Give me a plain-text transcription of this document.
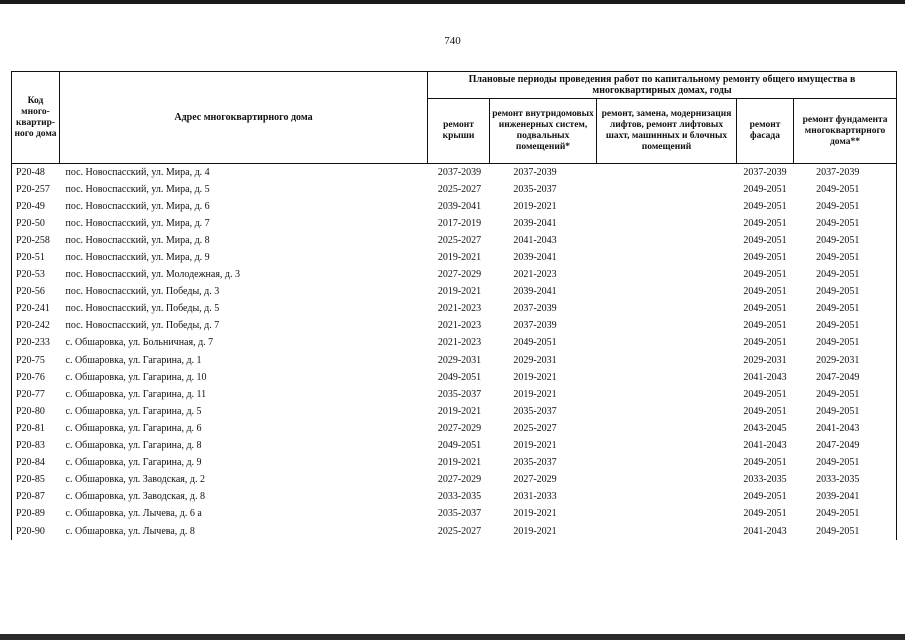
740
Код много-квартир-ного дома	Адрес многоквартирного дома	Плановые периоды проведения работ по капитальному ремонту общего имущества в многоквартирных домах, годы				
		ремонт крыши	ремонт внутридомовых инженерных систем, подвальных помещений*	ремонт, замена, модернизация лифтов, ремонт лифтовых шахт, машинных и блочных помещений	ремонт фасада	ремонт фундамента многоквартирного дома**
P20-48	пос. Новоспасский, ул. Мира, д. 4	2037-2039	2037-2039		2037-2039	2037-2039
P20-257	пос. Новоспасский, ул. Мира, д. 5	2025-2027	2035-2037		2049-2051	2049-2051
P20-49	пос. Новоспасский, ул. Мира, д. 6	2039-2041	2019-2021		2049-2051	2049-2051
P20-50	пос. Новоспасский, ул. Мира, д. 7	2017-2019	2039-2041		2049-2051	2049-2051
P20-258	пос. Новоспасский, ул. Мира, д. 8	2025-2027	2041-2043		2049-2051	2049-2051
P20-51	пос. Новоспасский, ул. Мира, д. 9	2019-2021	2039-2041		2049-2051	2049-2051
P20-53	пос. Новоспасский, ул. Молодежная, д. 3	2027-2029	2021-2023		2049-2051	2049-2051
P20-56	пос. Новоспасский, ул. Победы, д. 3	2019-2021	2039-2041		2049-2051	2049-2051
P20-241	пос. Новоспасский, ул. Победы, д. 5	2021-2023	2037-2039		2049-2051	2049-2051
P20-242	пос. Новоспасский, ул. Победы, д. 7	2021-2023	2037-2039		2049-2051	2049-2051
P20-233	с. Обшаровка, ул. Больничная, д. 7	2021-2023	2049-2051		2049-2051	2049-2051
P20-75	с. Обшаровка, ул. Гагарина, д. 1	2029-2031	2029-2031		2029-2031	2029-2031
P20-76	с. Обшаровка, ул. Гагарина, д. 10	2049-2051	2019-2021		2041-2043	2047-2049
P20-77	с. Обшаровка, ул. Гагарина, д. 11	2035-2037	2019-2021		2049-2051	2049-2051
P20-80	с. Обшаровка, ул. Гагарина, д. 5	2019-2021	2035-2037		2049-2051	2049-2051
P20-81	с. Обшаровка, ул. Гагарина, д. 6	2027-2029	2025-2027		2043-2045	2041-2043
P20-83	с. Обшаровка, ул. Гагарина, д. 8	2049-2051	2019-2021		2041-2043	2047-2049
P20-84	с. Обшаровка, ул. Гагарина, д. 9	2019-2021	2035-2037		2049-2051	2049-2051
P20-85	с. Обшаровка, ул. Заводская, д. 2	2027-2029	2027-2029		2033-2035	2033-2035
P20-87	с. Обшаровка, ул. Заводская, д. 8	2033-2035	2031-2033		2049-2051	2039-2041
P20-89	с. Обшаровка, ул. Лычева, д. 6 а	2035-2037	2019-2021		2049-2051	2049-2051
P20-90	с. Обшаровка, ул. Лычева, д. 8	2025-2027	2019-2021		2041-2043	2049-2051
